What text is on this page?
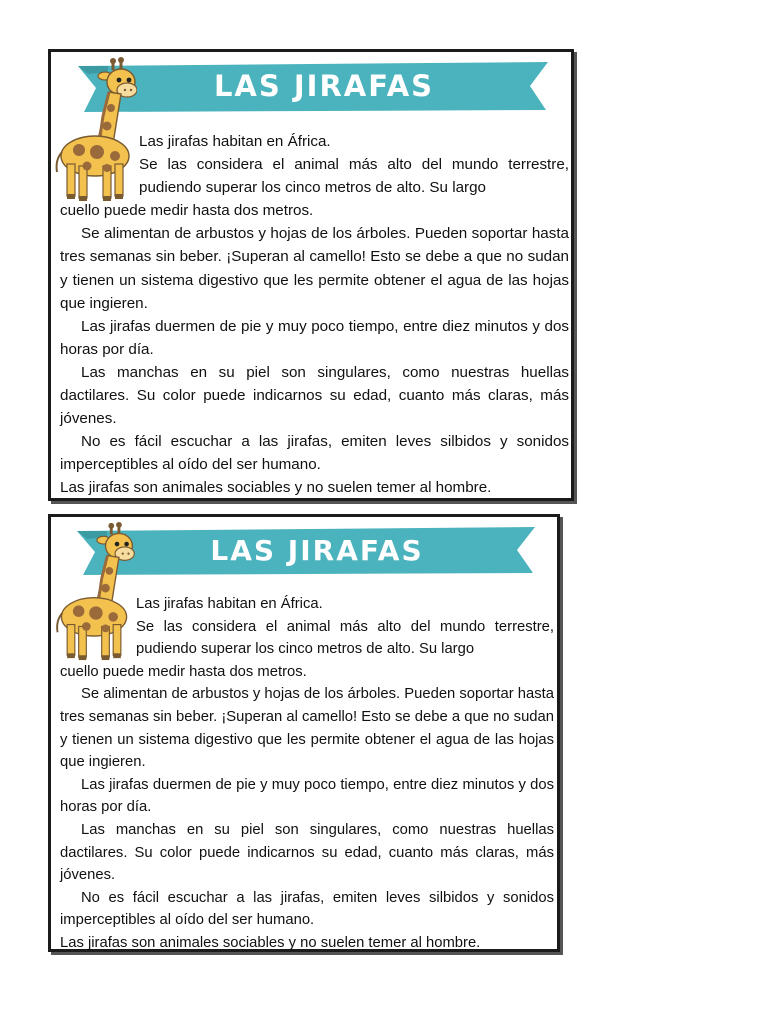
LAS JIRAFAS

Las jirafas habitan en África.

Se las considera el animal más alto del mundo terrestre, pudiendo superar los cinco metros de alto. Su largo

cuello puede medir hasta dos metros.

Se alimentan de arbustos y hojas de los árboles. Pueden soportar hasta tres semanas sin beber. ¡Superan al camello! Esto se debe a que no sudan y tienen un sistema digestivo que les permite obtener el agua de las hojas que ingieren.

Las jirafas duermen de pie y muy poco tiempo, entre diez minutos y dos horas por día.

Las manchas en su piel son singulares, como nuestras huellas dactilares. Su color puede indicarnos su edad, cuanto más claras, más jóvenes.

No es fácil escuchar a las jirafas, emiten leves silbidos y sonidos imperceptibles al oído del ser humano.

Las jirafas son animales sociables y no suelen temer al hombre.

LAS JIRAFAS

Las jirafas habitan en África.

Se las considera el animal más alto del mundo terrestre, pudiendo superar los cinco metros de alto. Su largo

cuello puede medir hasta dos metros.

Se alimentan de arbustos y hojas de los árboles. Pueden soportar hasta tres semanas sin beber. ¡Superan al camello! Esto se debe a que no sudan y tienen un sistema digestivo que les permite obtener el agua de las hojas que ingieren.

Las jirafas duermen de pie y muy poco tiempo, entre diez minutos y dos horas por día.

Las manchas en su piel son singulares, como nuestras huellas dactilares. Su color puede indicarnos su edad, cuanto más claras, más jóvenes.

No es fácil escuchar a las jirafas, emiten leves silbidos y sonidos imperceptibles al oído del ser humano.

Las jirafas son animales sociables y no suelen temer al hombre.
